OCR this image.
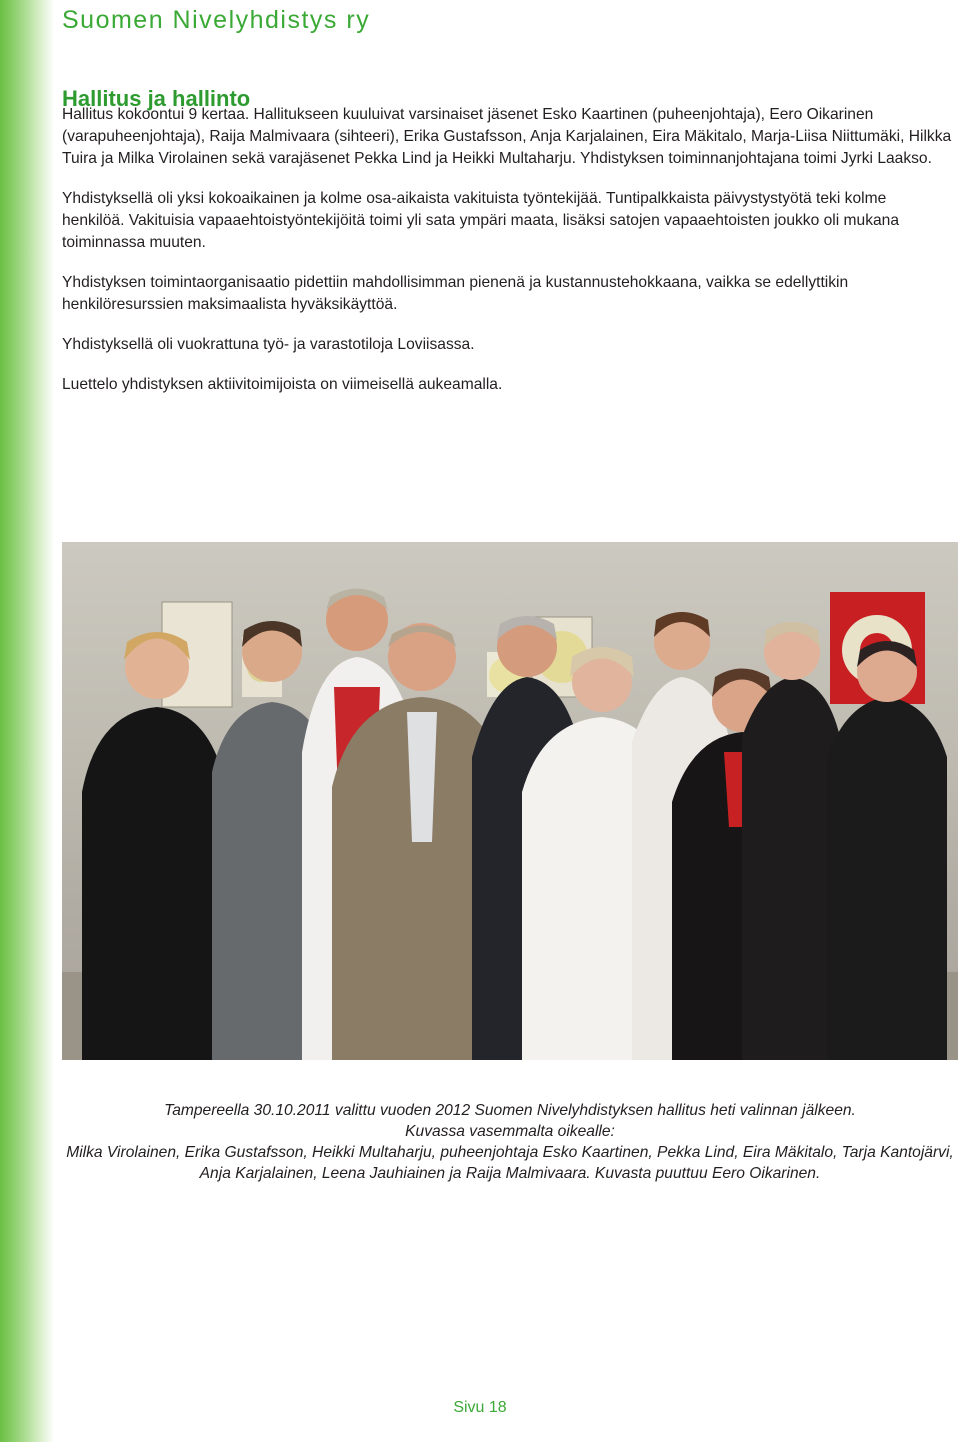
Suomen Nivelyhdistys ry
Hallitus ja hallinto

Hallitus kokoontui 9 kertaa. Hallitukseen kuuluivat varsinaiset jäsenet Esko Kaartinen (puheenjohtaja), Eero Oikarinen (varapuheenjohtaja), Raija Malmivaara (sihteeri), Erika Gustafsson, Anja Karjalainen, Eira Mäkitalo, Marja-Liisa Niittumäki, Hilkka Tuira ja Milka Virolainen sekä varajäsenet Pekka Lind ja Heikki Multaharju. Yhdistyksen toiminnanjohtajana toimi Jyrki Laakso.

Yhdistyksellä oli yksi kokoaikainen ja kolme osa-aikaista vakituista työntekijää. Tuntipalkkaista päivystystyötä teki kolme henkilöä. Vakituisia vapaaehtoistyöntekijöitä toimi yli sata ympäri maata, lisäksi satojen vapaaehtoisten joukko oli mukana toiminnassa muuten.

Yhdistyksen toimintaorganisaatio pidettiin mahdollisimman pienenä ja kustannustehokkaana, vaikka se edellyttikin henkilöresurssien maksimaalista hyväksikäyttöä.

Yhdistyksellä oli vuokrattuna työ- ja varastotiloja Loviisassa.

Luettelo yhdistyksen aktiivitoimijoista on viimeisellä aukeamalla.

Tampereella 30.10.2011 valittu vuoden 2012 Suomen Nivelyhdistyksen hallitus heti valinnan jälkeen.
Kuvassa vasemmalta oikealle:
Milka Virolainen, Erika Gustafsson, Heikki Multaharju, puheenjohtaja Esko Kaartinen, Pekka Lind, Eira Mäkitalo, Tarja Kantojärvi, Anja Karjalainen, Leena Jauhiainen ja Raija Malmivaara. Kuvasta puuttuu Eero Oikarinen.
Sivu 18
